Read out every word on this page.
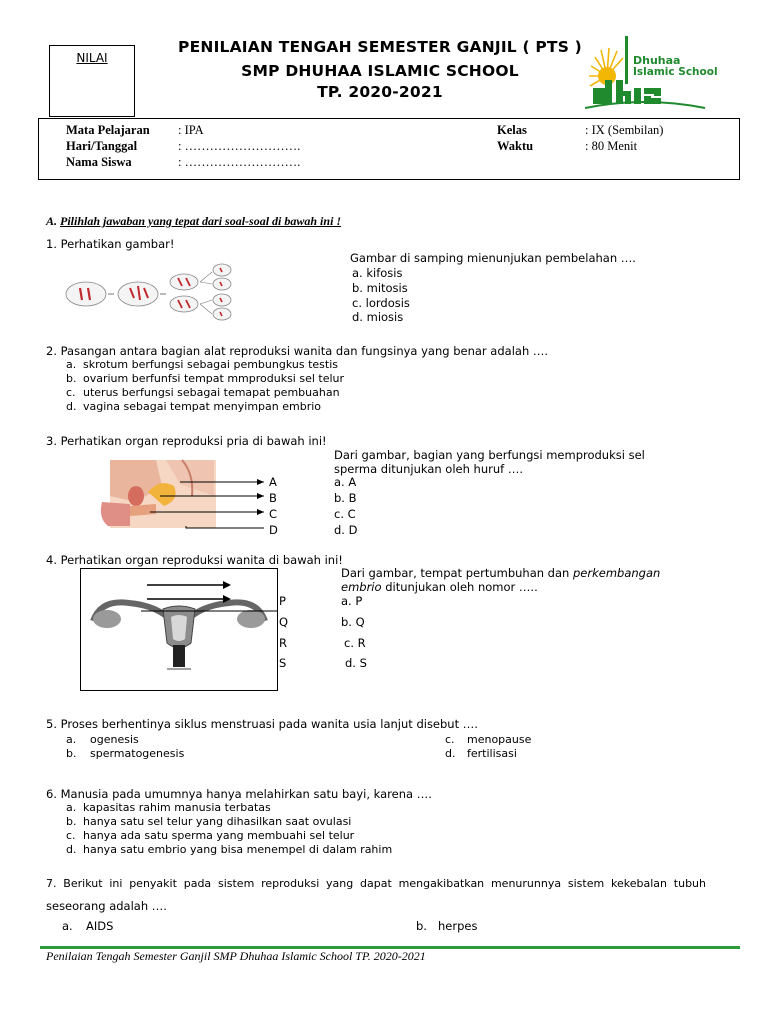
NILAI
PENILAIAN TENGAH SEMESTER GANJIL ( PTS )
SMP DHUHAA ISLAMIC SCHOOL
TP. 2020-2021
Dhuhaa
Islamic School
Mata Pelajaran : IPA
Hari/Tanggal	: ……………………….
Nama Siswa	: ……………………….
Kelas	: IX (Sembilan)
Waktu	: 80 Menit
A. Pilihlah jawaban yang tepat dari soal-soal di bawah ini !
1. Perhatikan gambar!
Gambar di samping mienunjukan pembelahan ….
a. kifosis
b. mitosis
c. lordosis
d. miosis
2. Pasangan antara bagian alat reproduksi wanita dan fungsinya yang benar adalah ….
a. skrotum berfungsi sebagai pembungkus testis
b. ovarium berfunfsi tempat mmproduksi sel telur
c. uterus berfungsi sebagai temapat pembuahan
d. vagina sebagai tempat menyimpan embrio
3. Perhatikan organ reproduksi pria di bawah ini!
Dari gambar, bagian yang berfungsi memproduksi sel
sperma ditunjukan oleh huruf ….
A
B
C
D
a. A
b. B
c. C
d. D
4. Perhatikan organ reproduksi wanita di bawah ini!
Dari gambar, tempat pertumbuhan dan perkembangan
embrio ditunjukan oleh nomor …..
P
Q
R
S
a. P
b. Q
c. R
d. S
5. Proses berhentinya siklus menstruasi pada wanita usia lanjut disebut ….
a. ogenesis
b. spermatogenesis
c. menopause
d. fertilisasi
6. Manusia pada umumnya hanya melahirkan satu bayi, karena ….
a. kapasitas rahim manusia terbatas
b. hanya satu sel telur yang dihasilkan saat ovulasi
c. hanya ada satu sperma yang membuahi sel telur
d. hanya satu embrio yang bisa menempel di dalam rahim
7. Berikut ini penyakit pada sistem reproduksi yang dapat mengakibatkan menurunnya sistem kekebalan tubuh
seseorang adalah ….
a. AIDS	b. herpes
Penilaian Tengah Semester Ganjil SMP Dhuhaa Islamic School TP. 2020-2021
